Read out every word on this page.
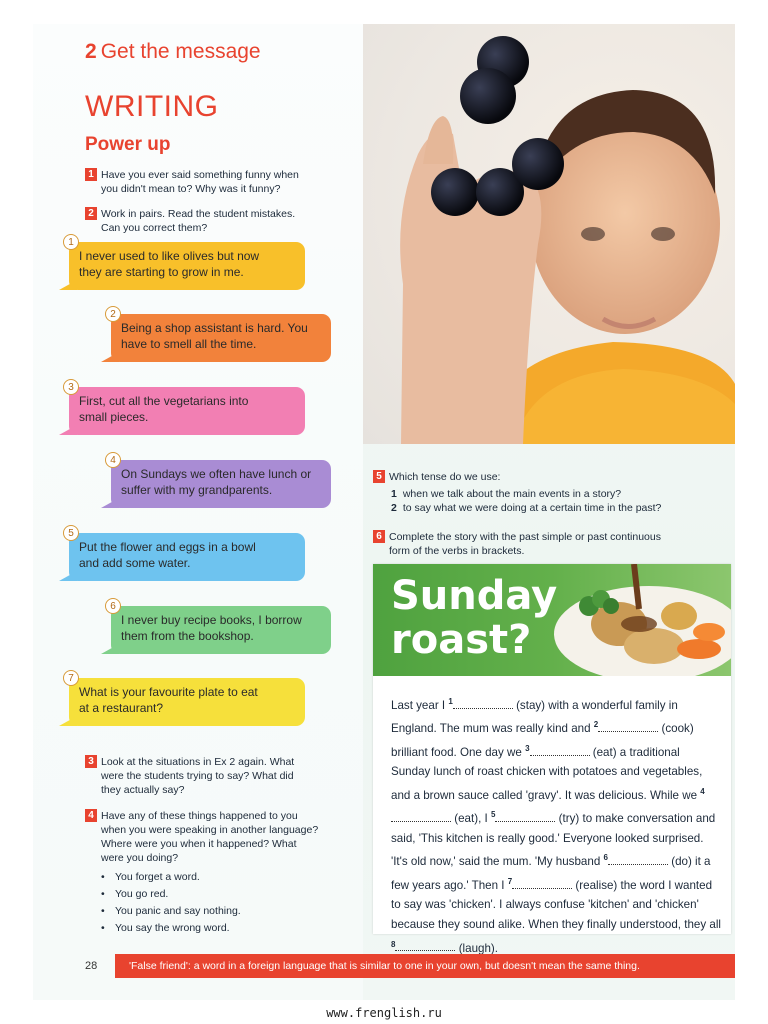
2 Get the message
WRITING
Power up
1 Have you ever said something funny when
you didn't mean to? Why was it funny?
2 Work in pairs. Read the student mistakes.
Can you correct them?
1
I never used to like olives but now
they are starting to grow in me.
2
Being a shop assistant is hard. You
have to smell all the time.
3
First, cut all the vegetarians into
small pieces.
4
On Sundays we often have lunch or
suffer with my grandparents.
5
Put the flower and eggs in a bowl
and add some water.
6
I never buy recipe books, I borrow
them from the bookshop.
7
What is your favourite plate to eat
at a restaurant?
3 Look at the situations in Ex 2 again. What
were the students trying to say? What did
they actually say?
4 Have any of these things happened to you
when you were speaking in another language?
Where were you when it happened? What
were you doing?
• You forget a word.
• You go red.
• You panic and say nothing.
• You say the wrong word.
5 Which tense do we use:
1 when we talk about the main events in a story?
2 to say what we were doing at a certain time in the past?
6 Complete the story with the past simple or past continuous
form of the verbs in brackets.
Sunday
roast?
Last year I $^1$	(stay) with a wonderful family in England. The mum was really kind and $^2$	(cook) brilliant food. One day we $^3$	(eat) a traditional Sunday lunch of roast chicken with potatoes and vegetables, and a brown sauce called 'gravy'. It was delicious. While we $^4$ (eat), I $^5$	(try) to make conversation and said, 'This kitchen is really good.' Everyone looked surprised. 'It's old now,' said the mum. 'My husband $^6$	(do) it a few years ago.' Then I $^7$	(realise) the word I wanted to say was 'chicken'. I always confuse 'kitchen' and 'chicken' because they sound alike. When they finally understood, they all $^8$	(laugh).
28	'False friend': a word in a foreign language that is similar to one in your own, but doesn't mean the same thing.
www.frenglish.ru
